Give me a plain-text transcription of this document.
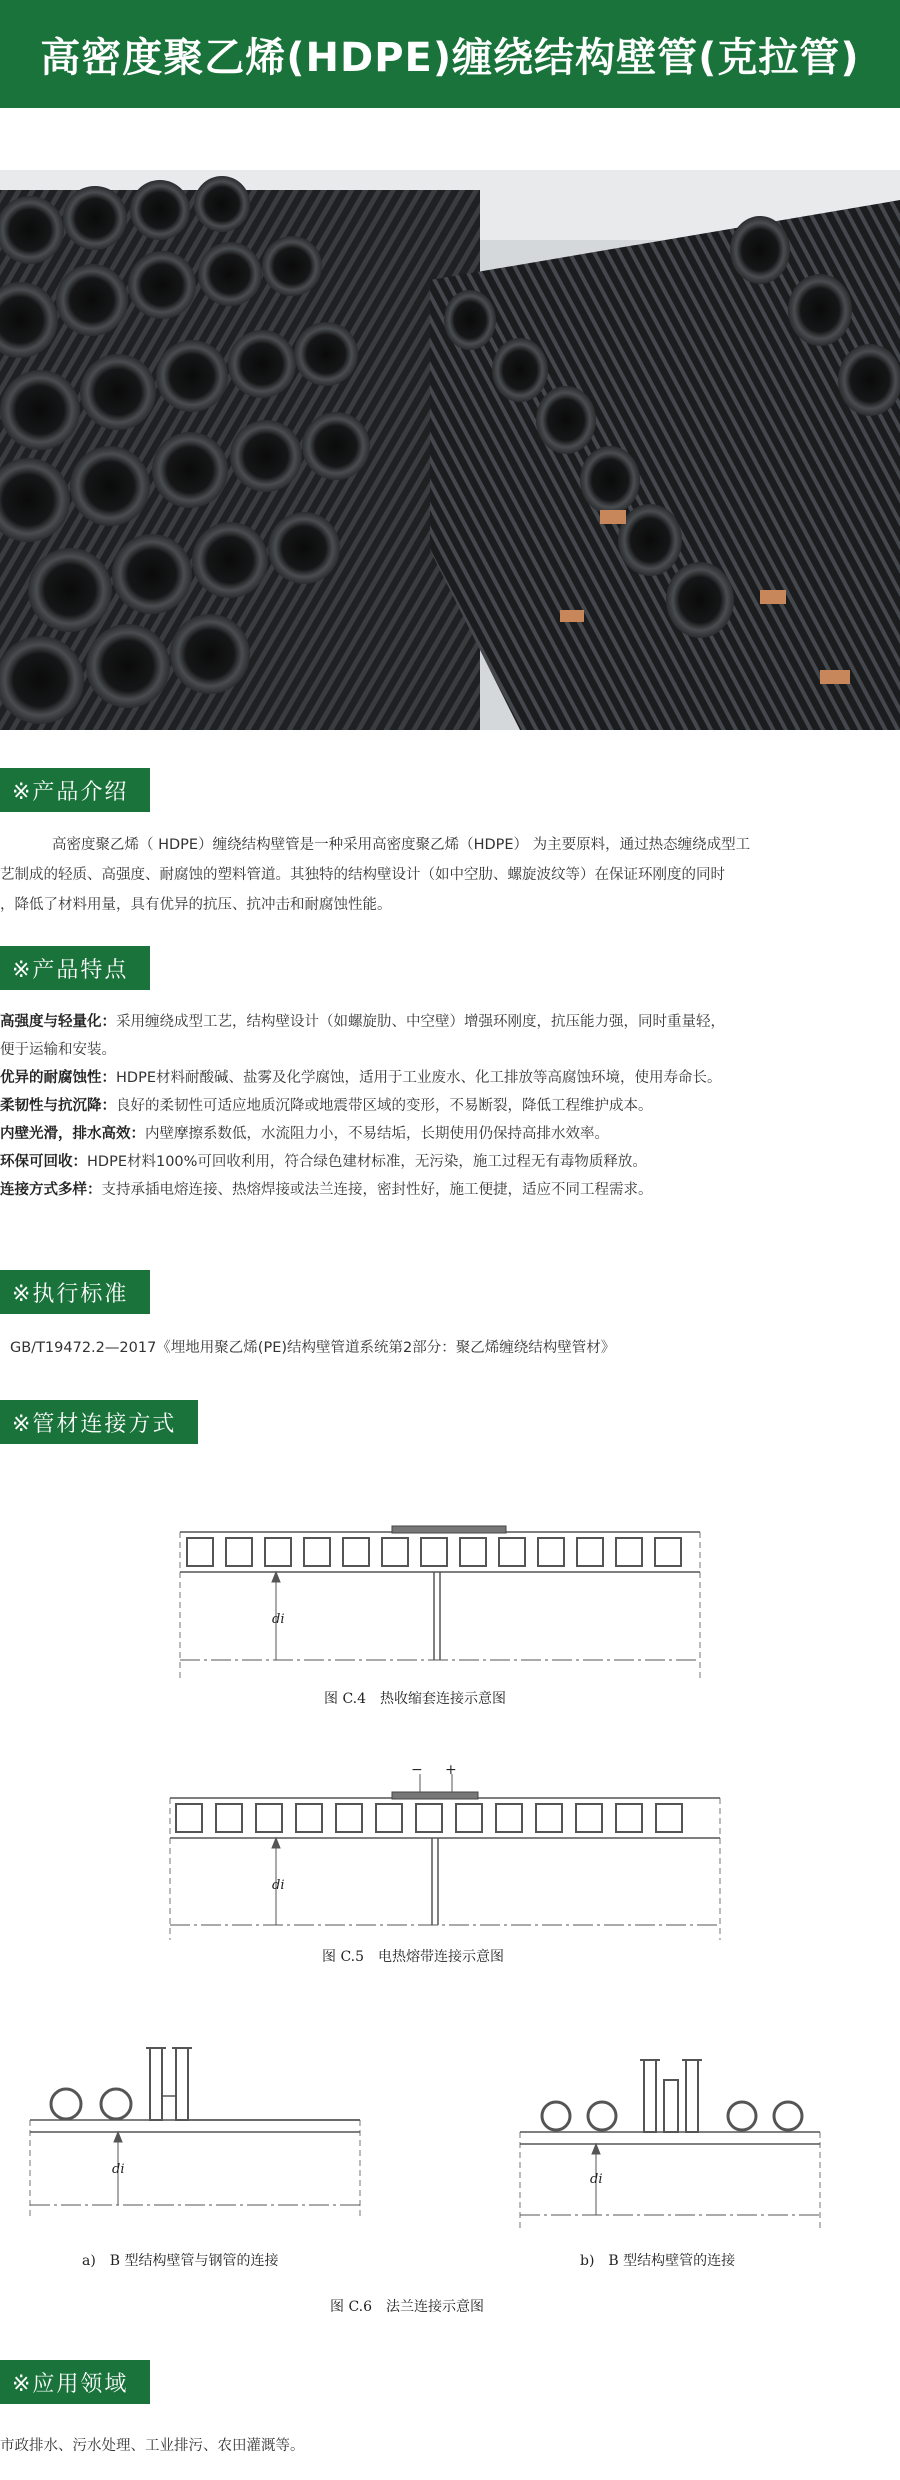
高密度聚乙烯(HDPE)缠绕结构壁管(克拉管)
※产品介绍
高密度聚乙烯（ HDPE）缠绕结构壁管是一种采用高密度聚乙烯（HDPE） 为主要原料，通过热态缠绕成型工
艺制成的轻质、高强度、耐腐蚀的塑料管道。其独特的结构壁设计（如中空肋、螺旋波纹等）在保证环刚度的同时
，降低了材料用量，具有优异的抗压、抗冲击和耐腐蚀性能。
※产品特点
高强度与轻量化：采用缠绕成型工艺，结构壁设计（如螺旋肋、中空壁）增强环刚度，抗压能力强，同时重量轻，
便于运输和安装。
优异的耐腐蚀性：HDPE材料耐酸碱、盐雾及化学腐蚀，适用于工业废水、化工排放等高腐蚀环境，使用寿命长。
柔韧性与抗沉降：良好的柔韧性可适应地质沉降或地震带区域的变形，不易断裂，降低工程维护成本。
内壁光滑，排水高效：内壁摩擦系数低，水流阻力小，不易结垢，长期使用仍保持高排水效率。
环保可回收：HDPE材料100%可回收利用，符合绿色建材标准，无污染，施工过程无有毒物质释放。
连接方式多样：支持承插电熔连接、热熔焊接或法兰连接，密封性好，施工便捷，适应不同工程需求。
※执行标准
GB/T19472.2—2017《埋地用聚乙烯(PE)结构壁管道系统第2部分：聚乙烯缠绕结构壁管材》
※管材连接方式
di
图 C.4　热收缩套连接示意图
− +
di
图 C.5　电热熔带连接示意图
di
di
a)　B 型结构壁管与钢管的连接	b)　B 型结构壁管的连接
图 C.6　法兰连接示意图
※应用领域
市政排水、污水处理、工业排污、农田灌溉等。
